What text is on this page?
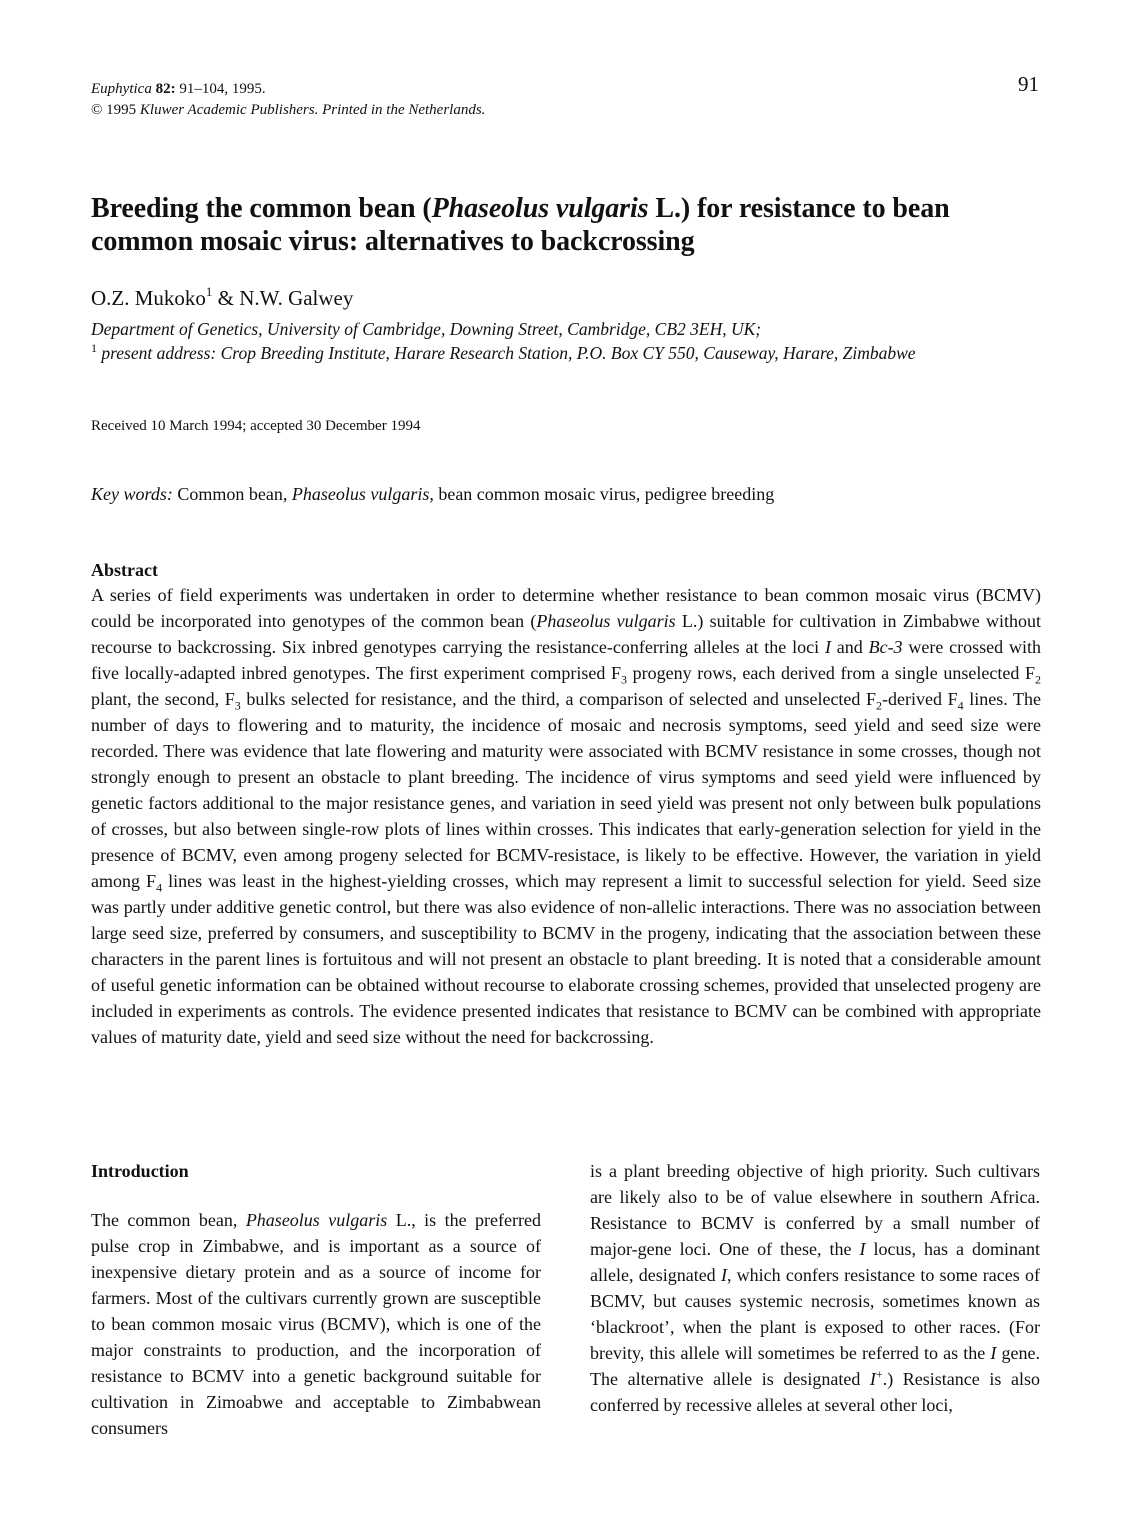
Euphytica 82: 91–104, 1995.
© 1995 Kluwer Academic Publishers. Printed in the Netherlands.
91
Breeding the common bean (Phaseolus vulgaris L.) for resistance to bean common mosaic virus: alternatives to backcrossing
O.Z. Mukoko$^1$ & N.W. Galwey
Department of Genetics, University of Cambridge, Downing Street, Cambridge, CB2 3EH, UK;
$^1$ present address: Crop Breeding Institute, Harare Research Station, P.O. Box CY 550, Causeway, Harare, Zimbabwe
Received 10 March 1994; accepted 30 December 1994
Key words: Common bean, Phaseolus vulgaris, bean common mosaic virus, pedigree breeding
Abstract

A series of field experiments was undertaken in order to determine whether resistance to bean common mosaic virus (BCMV) could be incorporated into genotypes of the common bean (Phaseolus vulgaris L.) suitable for cultivation in Zimbabwe without recourse to backcrossing. Six inbred genotypes carrying the resistance-conferring alleles at the loci I and Bc-3 were crossed with five locally-adapted inbred genotypes. The first experiment comprised $F_3$ progeny rows, each derived from a single unselected $F_2$ plant, the second, $F_3$ bulks selected for resistance, and the third, a comparison of selected and unselected $F_2$-derived $F_4$ lines. The number of days to flowering and to maturity, the incidence of mosaic and necrosis symptoms, seed yield and seed size were recorded. There was evidence that late flowering and maturity were associated with BCMV resistance in some crosses, though not strongly enough to present an obstacle to plant breeding. The incidence of virus symptoms and seed yield were influenced by genetic factors additional to the major resistance genes, and variation in seed yield was present not only between bulk populations of crosses, but also between single-row plots of lines within crosses. This indicates that early-generation selection for yield in the presence of BCMV, even among progeny selected for BCMV-resistace, is likely to be effective. However, the variation in yield among $F_4$ lines was least in the highest-yielding crosses, which may represent a limit to successful selection for yield. Seed size was partly under additive genetic control, but there was also evidence of non-allelic interactions. There was no association between large seed size, preferred by consumers, and susceptibility to BCMV in the progeny, indicating that the association between these characters in the parent lines is fortuitous and will not present an obstacle to plant breeding. It is noted that a considerable amount of useful genetic information can be obtained without recourse to elaborate crossing schemes, provided that unselected progeny are included in experiments as controls. The evidence presented indicates that resistance to BCMV can be combined with appropriate values of maturity date, yield and seed size without the need for backcrossing.

Introduction

The common bean, Phaseolus vulgaris L., is the preferred pulse crop in Zimbabwe, and is important as a source of inexpensive dietary protein and as a source of income for farmers. Most of the cultivars currently grown are susceptible to bean common mosaic virus (BCMV), which is one of the major constraints to production, and the incorporation of resistance to BCMV into a genetic background suitable for cultivation in Zimoabwe and acceptable to Zimbabwean consumers

is a plant breeding objective of high priority. Such cultivars are likely also to be of value elsewhere in southern Africa. Resistance to BCMV is conferred by a small number of major-gene loci. One of these, the I locus, has a dominant allele, designated I, which confers resistance to some races of BCMV, but causes systemic necrosis, sometimes known as ‘blackroot’, when the plant is exposed to other races. (For brevity, this allele will sometimes be referred to as the I gene. The alternative allele is designated I+.) Resistance is also conferred by recessive alleles at several other loci,
